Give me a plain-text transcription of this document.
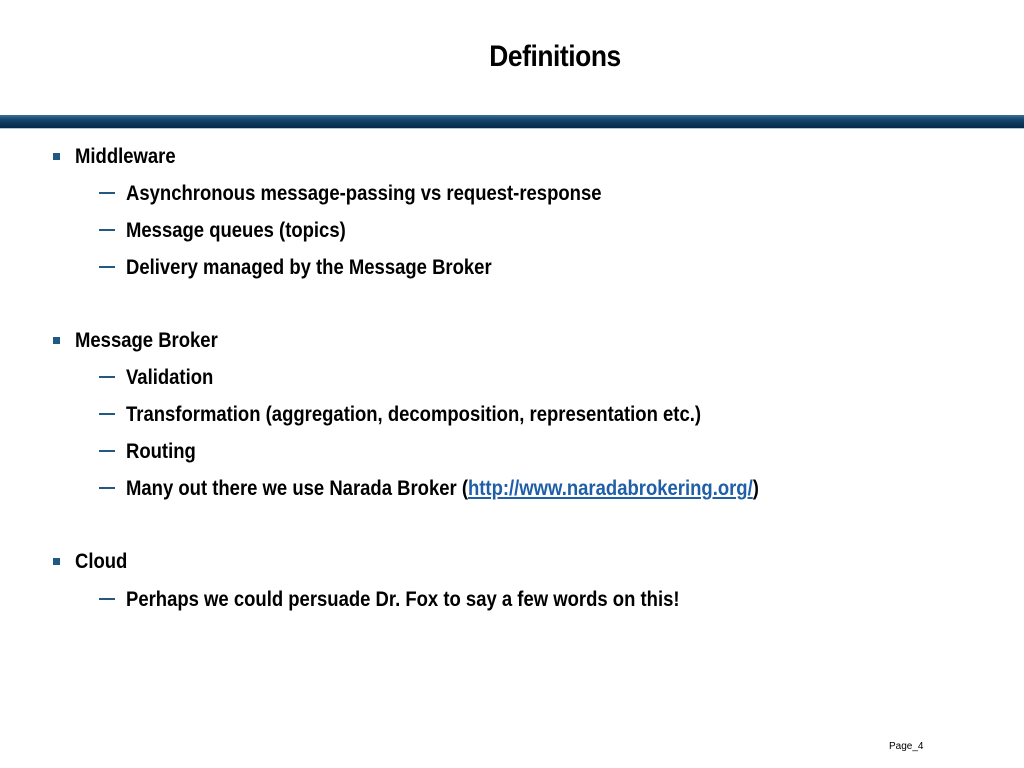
Definitions
Middleware
Asynchronous message-passing vs request-response
Message queues (topics)
Delivery managed by the Message Broker
Message Broker
Validation
Transformation (aggregation, decomposition, representation etc.)
Routing
Many out there we use Narada Broker (http://www.naradabrokering.org/)
Cloud
Perhaps we could persuade Dr. Fox to say a few words on this!
Page_4
